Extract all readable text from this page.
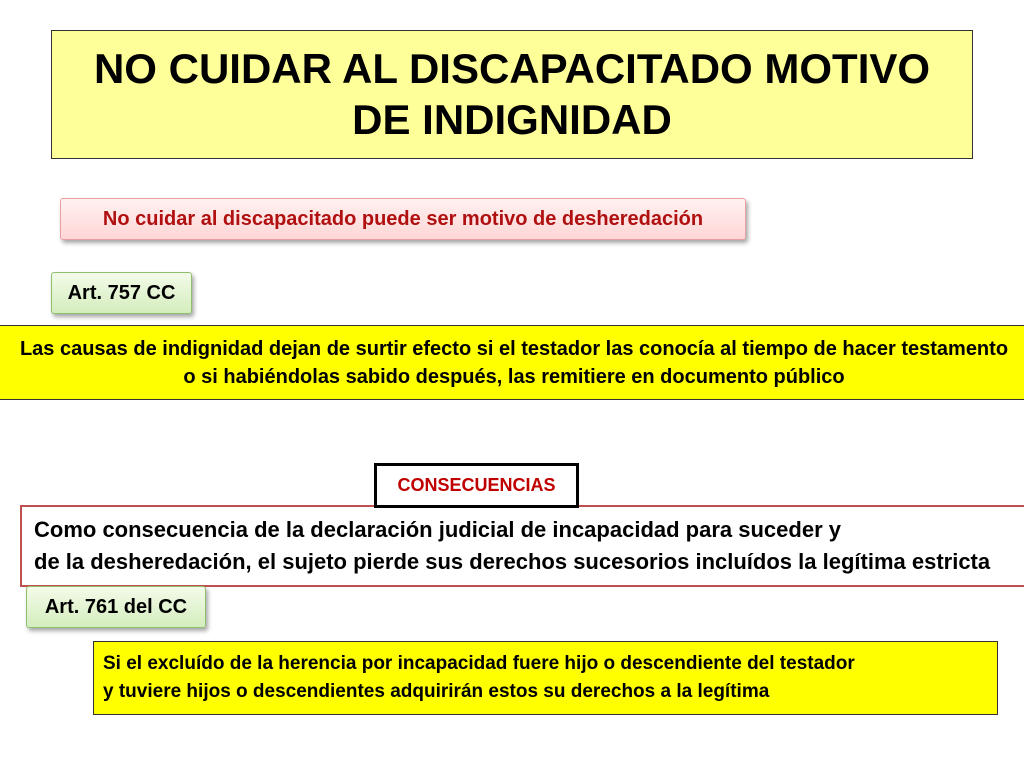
NO CUIDAR AL DISCAPACITADO MOTIVO
DE INDIGNIDAD
No cuidar al discapacitado puede ser motivo de desheredación
Art. 757 CC
Las causas de indignidad dejan de surtir efecto si el testador las conocía al tiempo de hacer testamento
o si habiéndolas sabido después, las remitiere en documento público
Como consecuencia de la declaración judicial de incapacidad para suceder y
de la desheredación, el sujeto pierde sus derechos sucesorios incluídos la legítima estricta
CONSECUENCIAS
Art. 761 del CC
Si el excluído de la herencia por incapacidad fuere hijo o descendiente del testador
y tuviere hijos o descendientes adquirirán estos su derechos a la legítima
